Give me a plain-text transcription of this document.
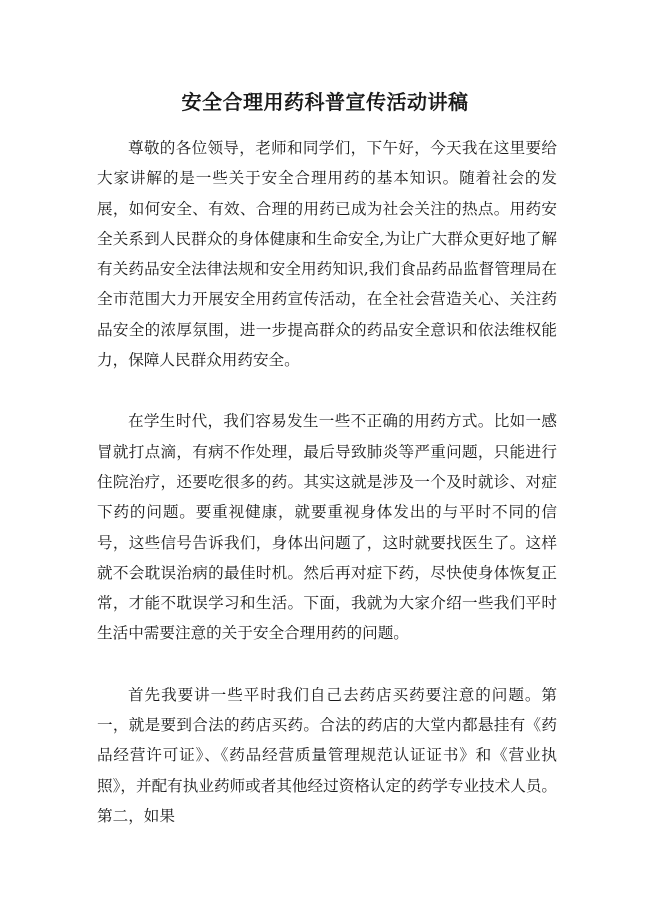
安全合理用药科普宣传活动讲稿

尊敬的各位领导，老师和同学们，下午好，今天我在这里要给大家讲解的是一些关于安全合理用药的基本知识。随着社会的发展，如何安全、有效、合理的用药已成为社会关注的热点。用药安全关系到人民群众的身体健康和生命安全,为让广大群众更好地了解有关药品安全法律法规和安全用药知识,我们食品药品监督管理局在全市范围大力开展安全用药宣传活动，在全社会营造关心、关注药品安全的浓厚氛围，进一步提高群众的药品安全意识和依法维权能力，保障人民群众用药安全。

在学生时代，我们容易发生一些不正确的用药方式。比如一感冒就打点滴，有病不作处理，最后导致肺炎等严重问题，只能进行住院治疗，还要吃很多的药。其实这就是涉及一个及时就诊、对症下药的问题。要重视健康，就要重视身体发出的与平时不同的信号，这些信号告诉我们，身体出问题了，这时就要找医生了。这样就不会耽误治病的最佳时机。然后再对症下药，尽快使身体恢复正常，才能不耽误学习和生活。下面，我就为大家介绍一些我们平时生活中需要注意的关于安全合理用药的问题。

首先我要讲一些平时我们自己去药店买药要注意的问题。第一，就是要到合法的药店买药。合法的药店的大堂内都悬挂有《药品经营许可证》、《药品经营质量管理规范认证证书》和《营业执照》，并配有执业药师或者其他经过资格认定的药学专业技术人员。第二，如果
